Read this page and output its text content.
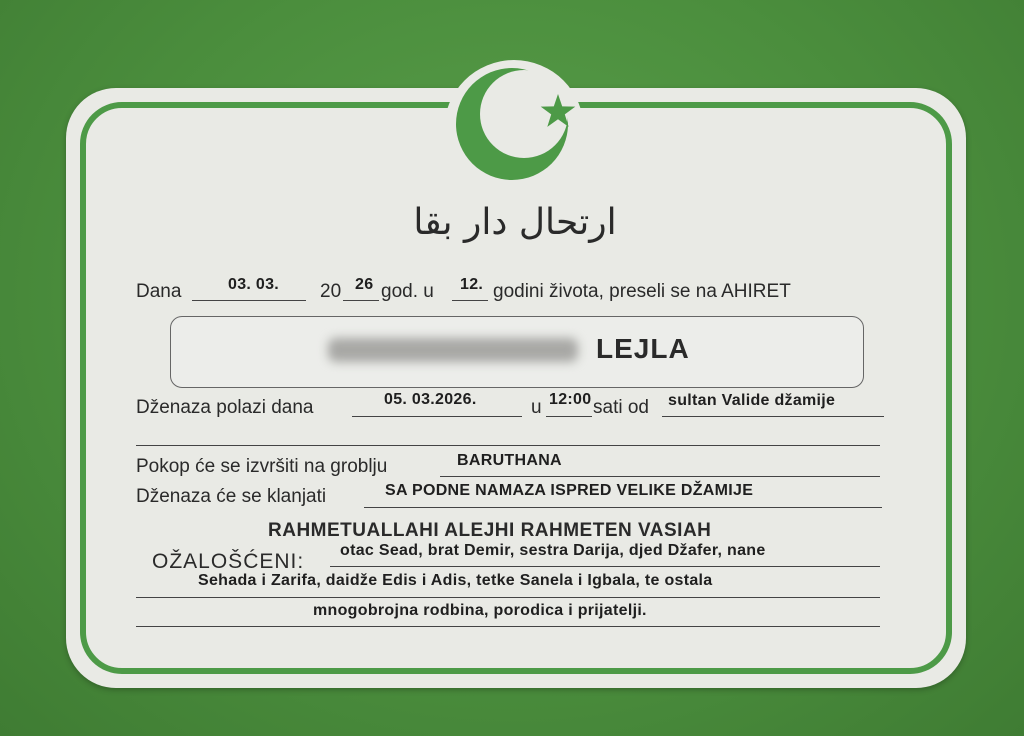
ارتحال دار بقا
Dana	03. 03. 20 26 god. u 12. godini života, preseli se na AHIRET
LEJLA
Dženaza polazi dana	05. 03.2026.	u 12:00 sati od sultan Valide džamije
Pokop će se izvršiti na groblju	BARUTHANA
Dženaza će se klanjati	SA PODNE NAMAZA ISPRED VELIKE DŽAMIJE
RAHMETUALLAHI ALEJHI RAHMETEN VASIAH
OŽALOŠĆENI: otac Sead, brat Demir, sestra Darija, djed Džafer, nane
Sehada i Zarifa, daidže Edis i Adis, tetke Sanela i Igbala, te ostala
mnogobrojna rodbina, porodica i prijatelji.
